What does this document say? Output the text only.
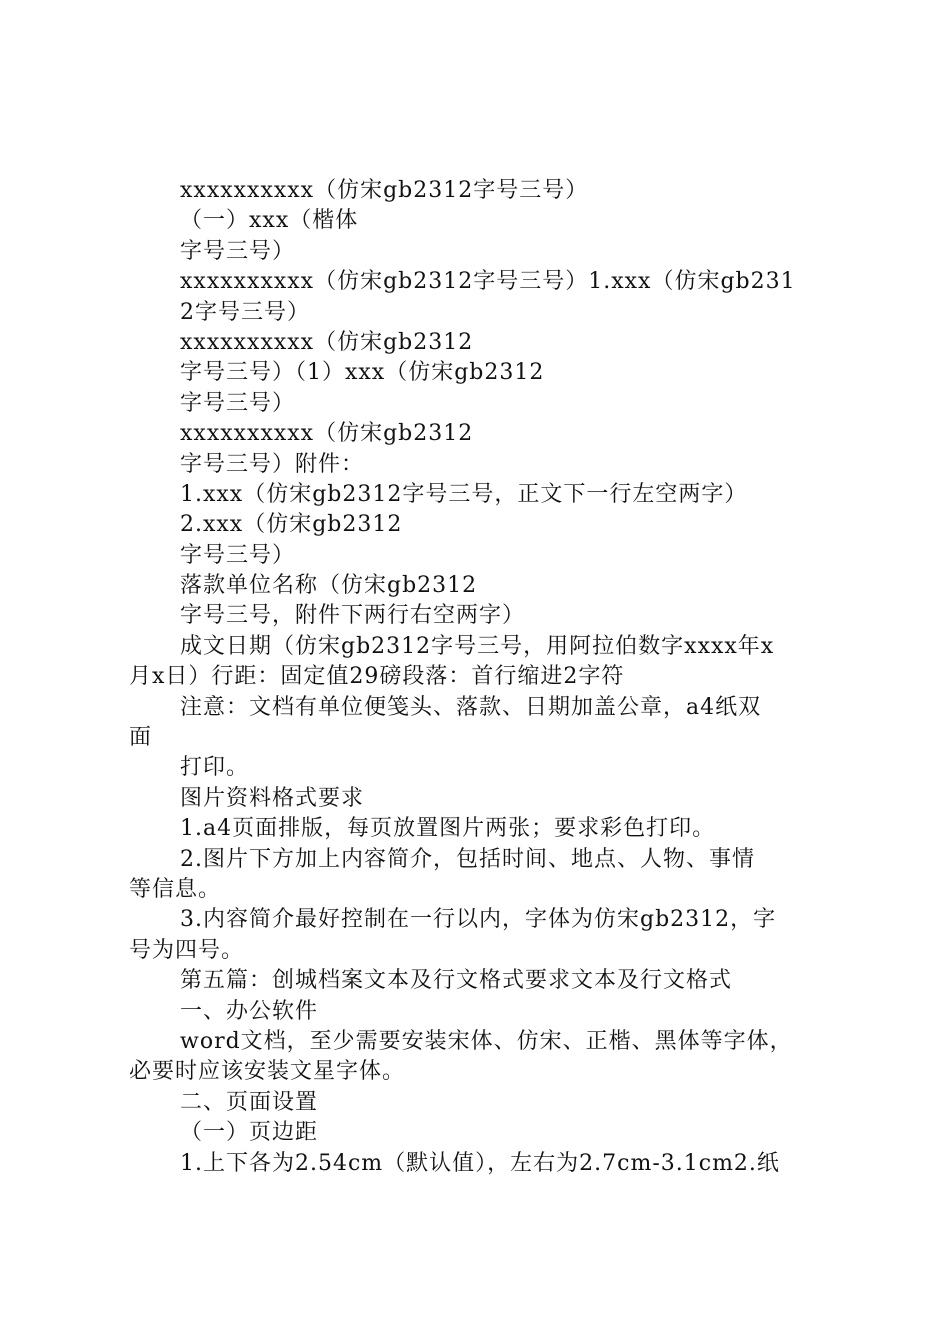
xxxxxxxxxx（仿宋gb2312字号三号）
（一）xxx（楷体
字号三号）
xxxxxxxxxx（仿宋gb2312字号三号）1.xxx（仿宋gb231
2字号三号）
xxxxxxxxxx（仿宋gb2312
字号三号）（1）xxx（仿宋gb2312
字号三号）
xxxxxxxxxx（仿宋gb2312
字号三号）附件：
1.xxx（仿宋gb2312字号三号，正文下一行左空两字）
2.xxx（仿宋gb2312
字号三号）
落款单位名称（仿宋gb2312
字号三号，附件下两行右空两字）
成文日期（仿宋gb2312字号三号，用阿拉伯数字xxxx年x
月x日）行距：固定值29磅段落：首行缩进2字符
注意：文档有单位便笺头、落款、日期加盖公章，a4纸双
面
打印。
图片资料格式要求
1.a4页面排版，每页放置图片两张；要求彩色打印。
2.图片下方加上内容简介，包括时间、地点、人物、事情
等信息。
3.内容简介最好控制在一行以内，字体为仿宋gb2312，字
号为四号。
第五篇：创城档案文本及行文格式要求文本及行文格式
一、办公软件
word文档，至少需要安装宋体、仿宋、正楷、黑体等字体，
必要时应该安装文星字体。
二、页面设置
（一）页边距
1.上下各为2.54cm（默认值），左右为2.7cm-3.1cm2.纸
